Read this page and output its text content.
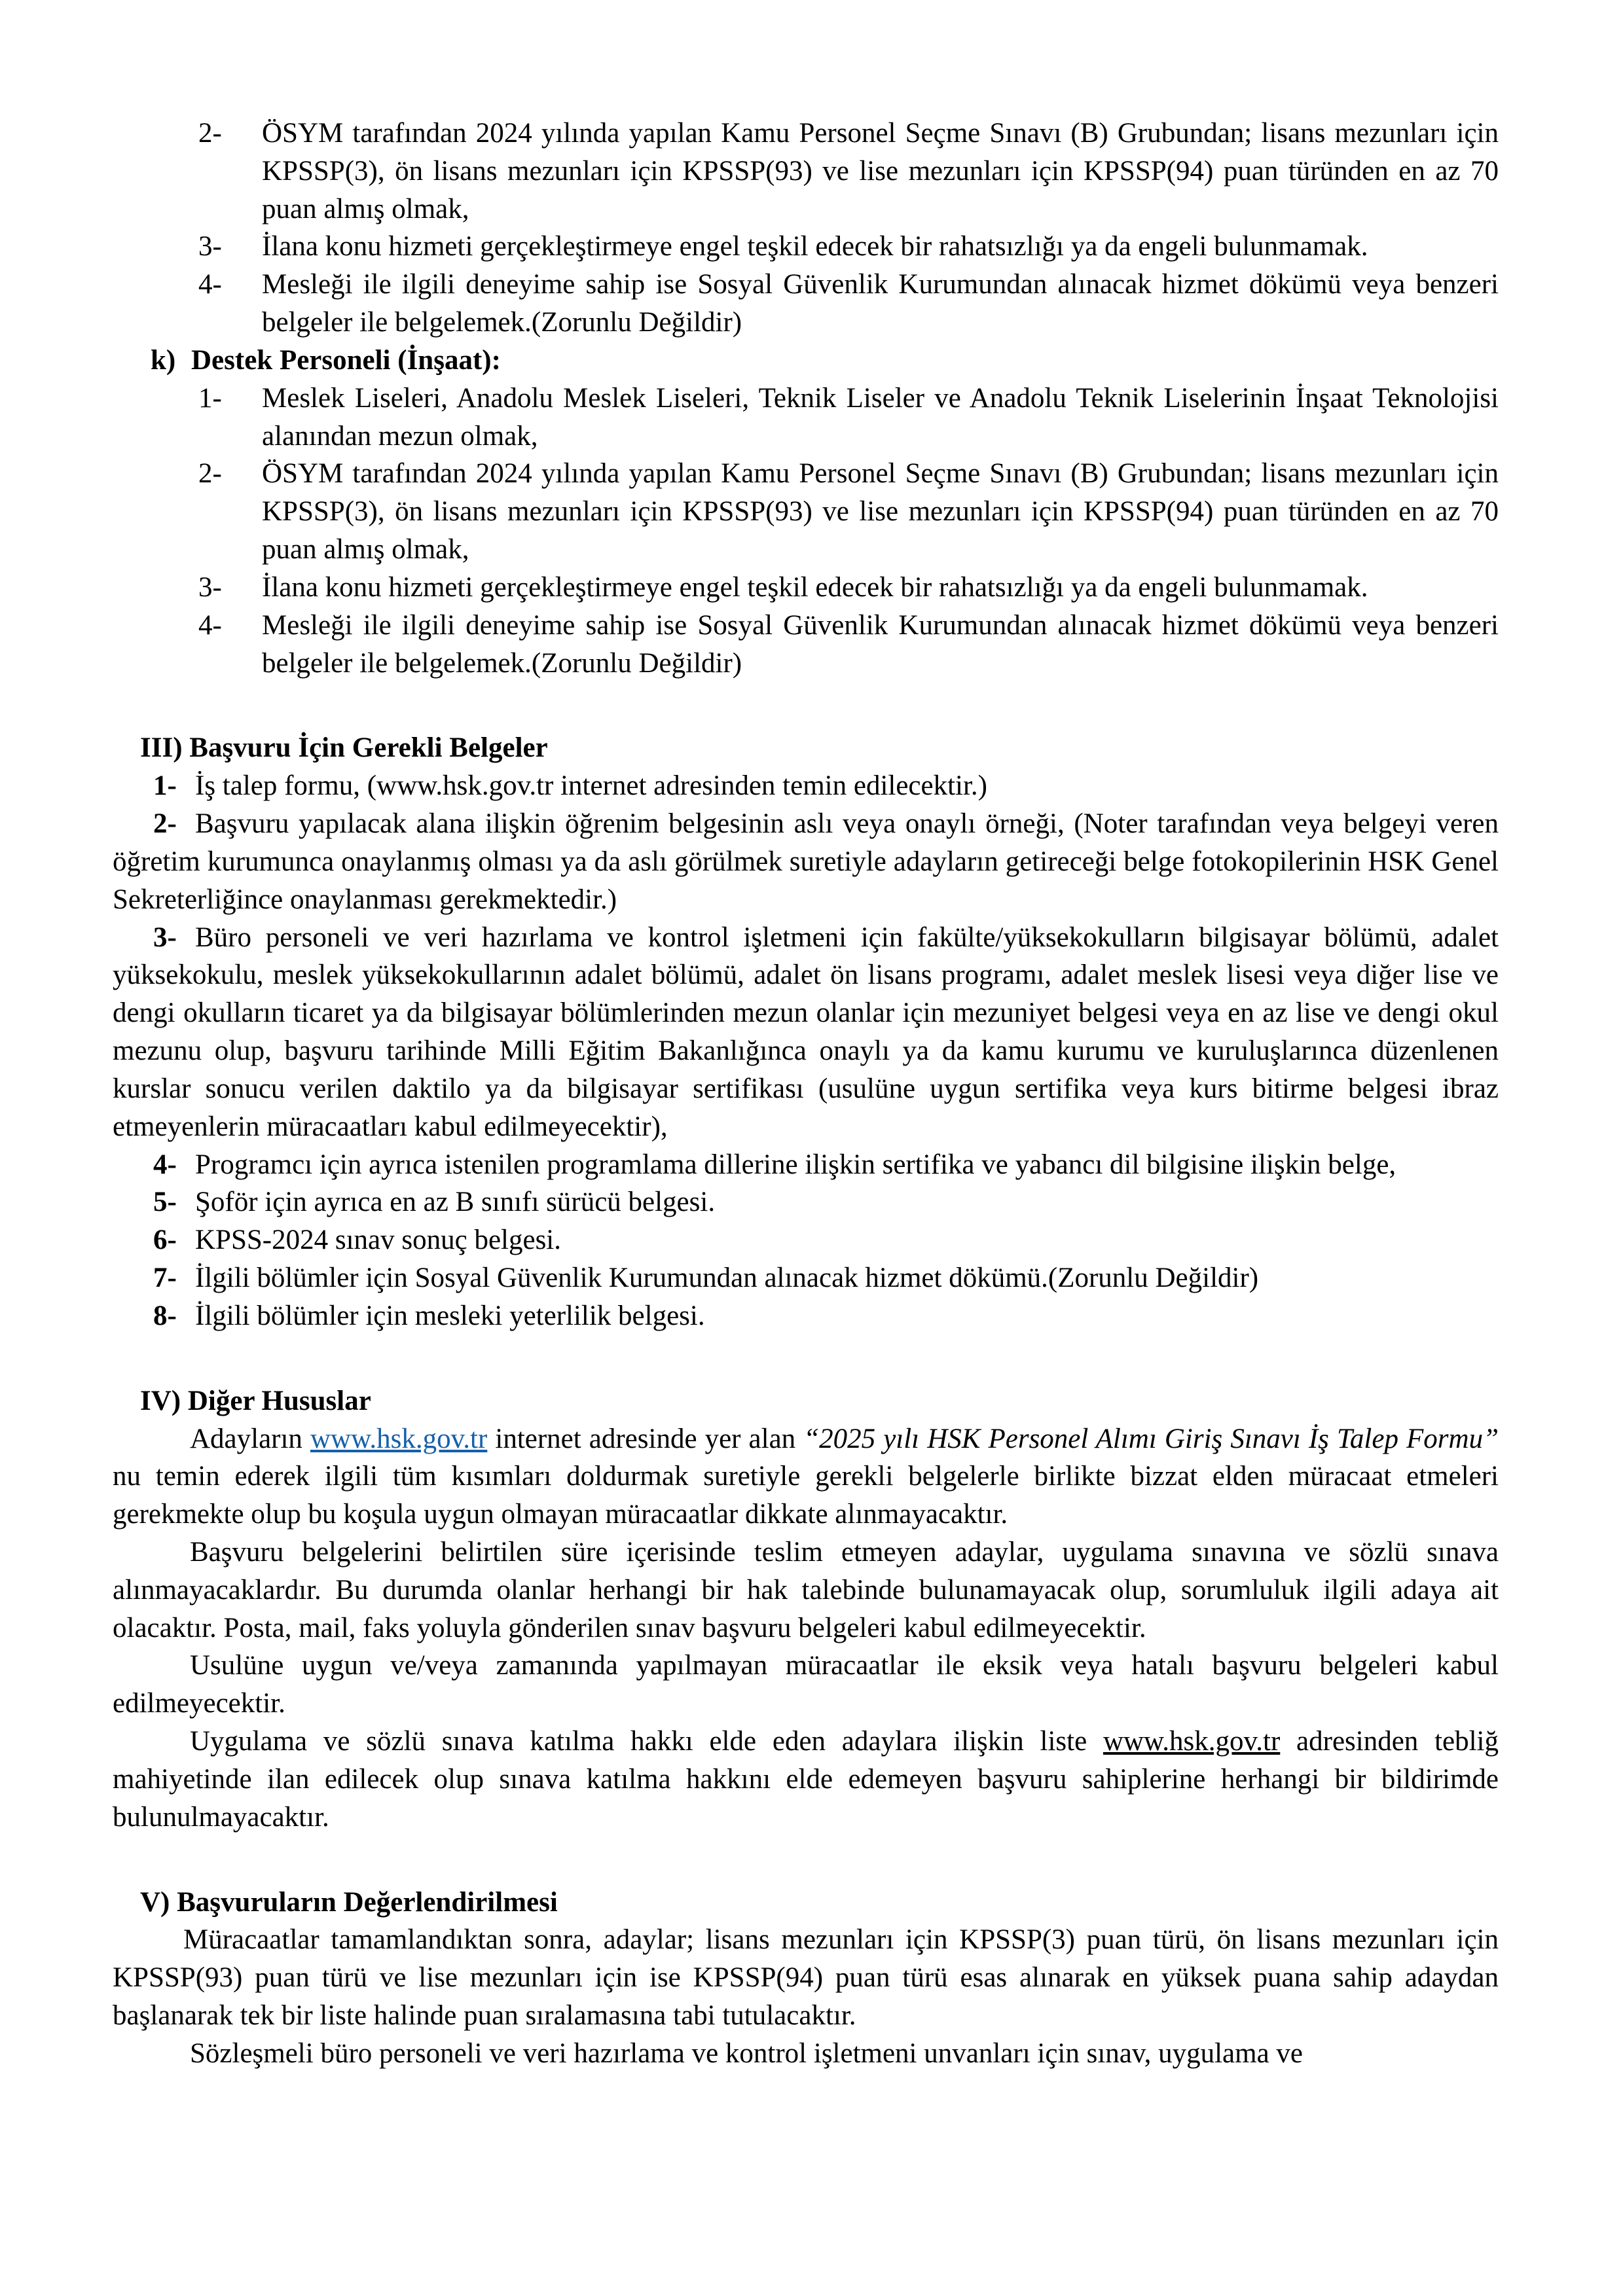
2-	ÖSYM tarafından 2024 yılında yapılan Kamu Personel Seçme Sınavı (B) Grubundan; lisans mezunları için KPSSP(3), ön lisans mezunları için KPSSP(93) ve lise mezunları için KPSSP(94) puan türünden en az 70 puan almış olmak,
3-	İlana konu hizmeti gerçekleştirmeye engel teşkil edecek bir rahatsızlığı ya da engeli bulunmamak.
4-	Mesleği ile ilgili deneyime sahip ise Sosyal Güvenlik Kurumundan alınacak hizmet dökümü veya benzeri belgeler ile belgelemek.(Zorunlu Değildir)
k) Destek Personeli (İnşaat):
1-	Meslek Liseleri, Anadolu Meslek Liseleri, Teknik Liseler ve Anadolu Teknik Liselerinin İnşaat Teknolojisi alanından mezun olmak,
2-	ÖSYM tarafından 2024 yılında yapılan Kamu Personel Seçme Sınavı (B) Grubundan; lisans mezunları için KPSSP(3), ön lisans mezunları için KPSSP(93) ve lise mezunları için KPSSP(94) puan türünden en az 70 puan almış olmak,
3-	İlana konu hizmeti gerçekleştirmeye engel teşkil edecek bir rahatsızlığı ya da engeli bulunmamak.
4-	Mesleği ile ilgili deneyime sahip ise Sosyal Güvenlik Kurumundan alınacak hizmet dökümü veya benzeri belgeler ile belgelemek.(Zorunlu Değildir)
III) Başvuru İçin Gerekli Belgeler
1- İş talep formu, (www.hsk.gov.tr internet adresinden temin edilecektir.)
2- Başvuru yapılacak alana ilişkin öğrenim belgesinin aslı veya onaylı örneği, (Noter tarafından veya belgeyi veren öğretim kurumunca onaylanmış olması ya da aslı görülmek suretiyle adayların getireceği belge fotokopilerinin HSK Genel Sekreterliğince onaylanması gerekmektedir.)
3- Büro personeli ve veri hazırlama ve kontrol işletmeni için fakülte/yüksekokulların bilgisayar bölümü, adalet yüksekokulu, meslek yüksekokullarının adalet bölümü, adalet ön lisans programı, adalet meslek lisesi veya diğer lise ve dengi okulların ticaret ya da bilgisayar bölümlerinden mezun olanlar için mezuniyet belgesi veya en az lise ve dengi okul mezunu olup, başvuru tarihinde Milli Eğitim Bakanlığınca onaylı ya da kamu kurumu ve kuruluşlarınca düzenlenen kurslar sonucu verilen daktilo ya da bilgisayar sertifikası (usulüne uygun sertifika veya kurs bitirme belgesi ibraz etmeyenlerin müracaatları kabul edilmeyecektir),
4- Programcı için ayrıca istenilen programlama dillerine ilişkin sertifika ve yabancı dil bilgisine ilişkin belge,
5- Şoför için ayrıca en az B sınıfı sürücü belgesi.
6- KPSS-2024 sınav sonuç belgesi.
7- İlgili bölümler için Sosyal Güvenlik Kurumundan alınacak hizmet dökümü.(Zorunlu Değildir)
8- İlgili bölümler için mesleki yeterlilik belgesi.
IV) Diğer Hususlar

Adayların www.hsk.gov.tr internet adresinde yer alan “2025 yılı HSK Personel Alımı Giriş Sınavı İş Talep Formu” nu temin ederek ilgili tüm kısımları doldurmak suretiyle gerekli belgelerle birlikte bizzat elden müracaat etmeleri gerekmekte olup bu koşula uygun olmayan müracaatlar dikkate alınmayacaktır.

Başvuru belgelerini belirtilen süre içerisinde teslim etmeyen adaylar, uygulama sınavına ve sözlü sınava alınmayacaklardır. Bu durumda olanlar herhangi bir hak talebinde bulunamayacak olup, sorumluluk ilgili adaya ait olacaktır. Posta, mail, faks yoluyla gönderilen sınav başvuru belgeleri kabul edilmeyecektir.

Usulüne uygun ve/veya zamanında yapılmayan müracaatlar ile eksik veya hatalı başvuru belgeleri kabul edilmeyecektir.

Uygulama ve sözlü sınava katılma hakkı elde eden adaylara ilişkin liste www.hsk.gov.tr adresinden tebliğ mahiyetinde ilan edilecek olup sınava katılma hakkını elde edemeyen başvuru sahiplerine herhangi bir bildirimde bulunulmayacaktır.

V) Başvuruların Değerlendirilmesi

Müracaatlar tamamlandıktan sonra, adaylar; lisans mezunları için KPSSP(3) puan türü, ön lisans mezunları için KPSSP(93) puan türü ve lise mezunları için ise KPSSP(94) puan türü esas alınarak en yüksek puana sahip adaydan başlanarak tek bir liste halinde puan sıralamasına tabi tutulacaktır.

Sözleşmeli büro personeli ve veri hazırlama ve kontrol işletmeni unvanları için sınav, uygulama ve
